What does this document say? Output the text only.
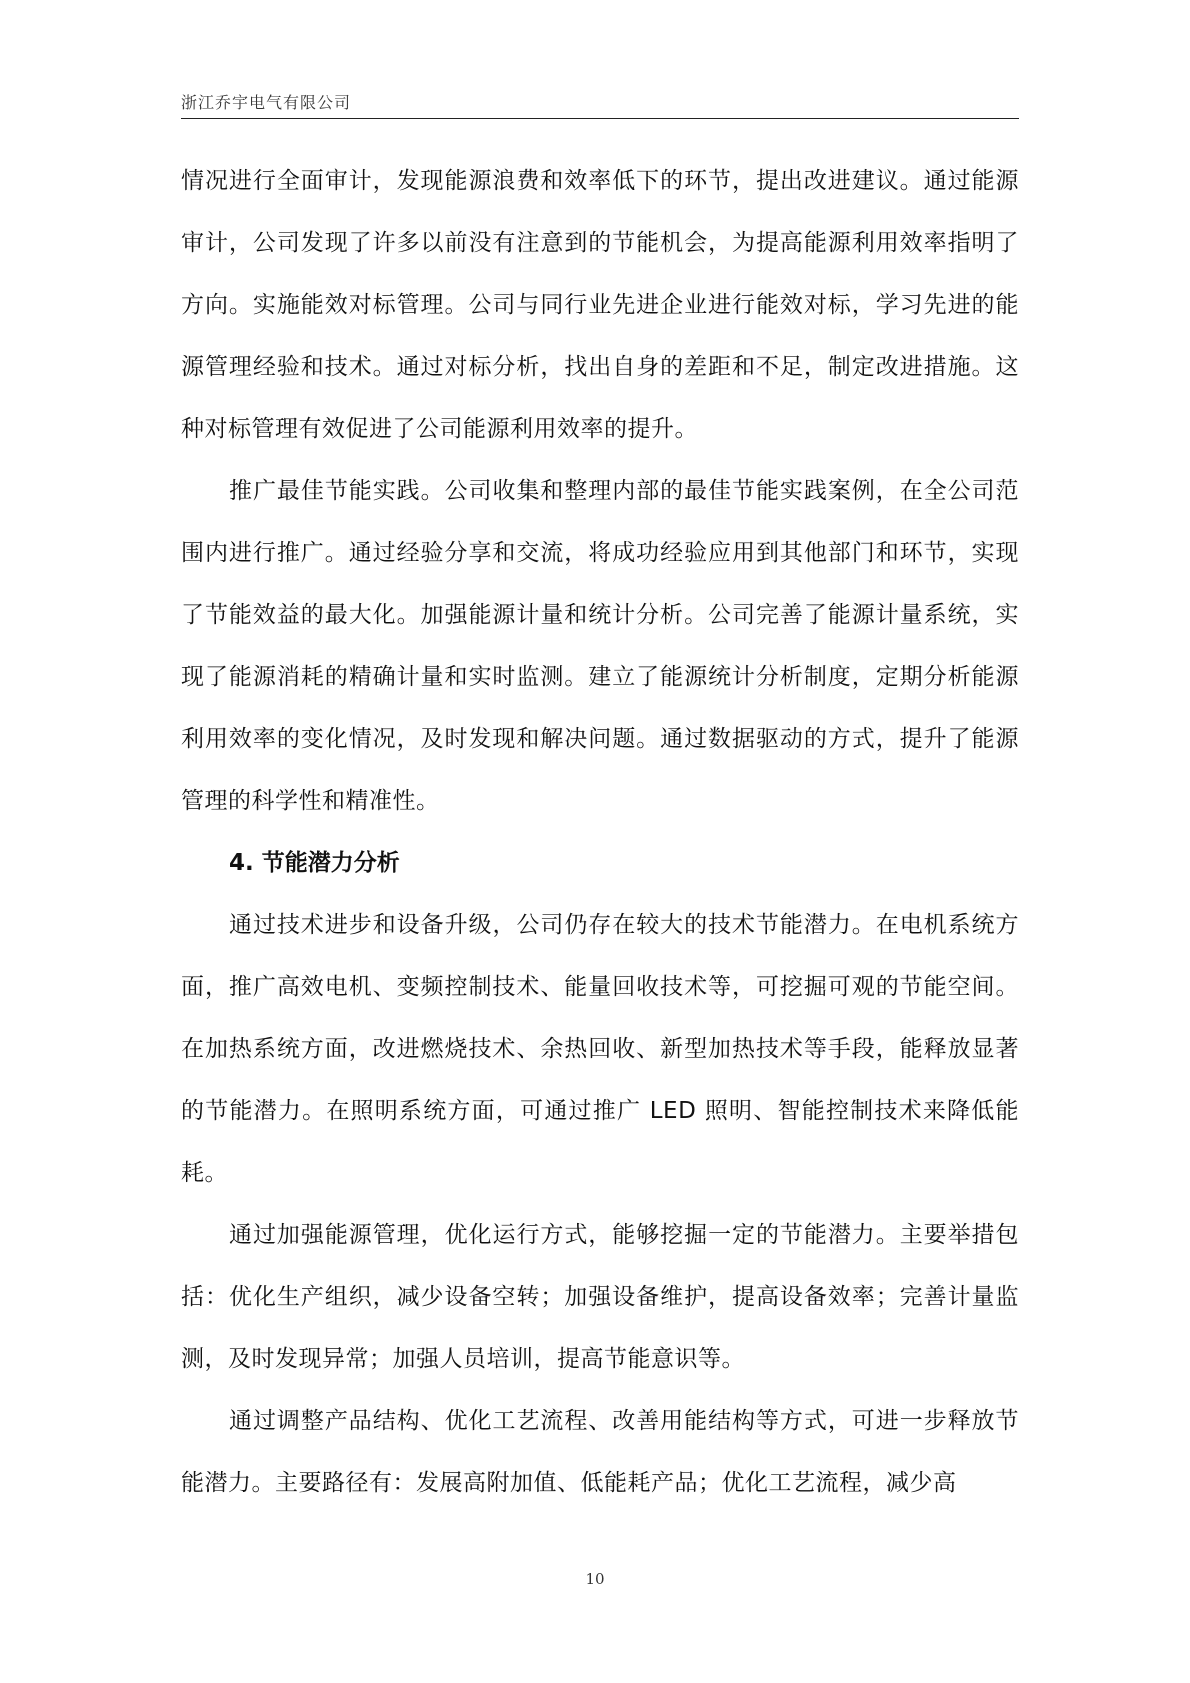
浙江乔宇电气有限公司

情况进行全面审计，发现能源浪费和效率低下的环节，提出改进建议。通过能源审计，公司发现了许多以前没有注意到的节能机会，为提高能源利用效率指明了方向。实施能效对标管理。公司与同行业先进企业进行能效对标，学习先进的能源管理经验和技术。通过对标分析，找出自身的差距和不足，制定改进措施。这种对标管理有效促进了公司能源利用效率的提升。

推广最佳节能实践。公司收集和整理内部的最佳节能实践案例，在全公司范围内进行推广。通过经验分享和交流，将成功经验应用到其他部门和环节，实现了节能效益的最大化。加强能源计量和统计分析。公司完善了能源计量系统，实现了能源消耗的精确计量和实时监测。建立了能源统计分析制度，定期分析能源利用效率的变化情况，及时发现和解决问题。通过数据驱动的方式，提升了能源管理的科学性和精准性。

4. 节能潜力分析

通过技术进步和设备升级，公司仍存在较大的技术节能潜力。在电机系统方面，推广高效电机、变频控制技术、能量回收技术等，可挖掘可观的节能空间。在加热系统方面，改进燃烧技术、余热回收、新型加热技术等手段，能释放显著的节能潜力。在照明系统方面，可通过推广 LED 照明、智能控制技术来降低能耗。

通过加强能源管理，优化运行方式，能够挖掘一定的节能潜力。主要举措包括：优化生产组织，减少设备空转；加强设备维护，提高设备效率；完善计量监测，及时发现异常；加强人员培训，提高节能意识等。

通过调整产品结构、优化工艺流程、改善用能结构等方式，可进一步释放节能潜力。主要路径有：发展高附加值、低能耗产品；优化工艺流程，减少高

10
